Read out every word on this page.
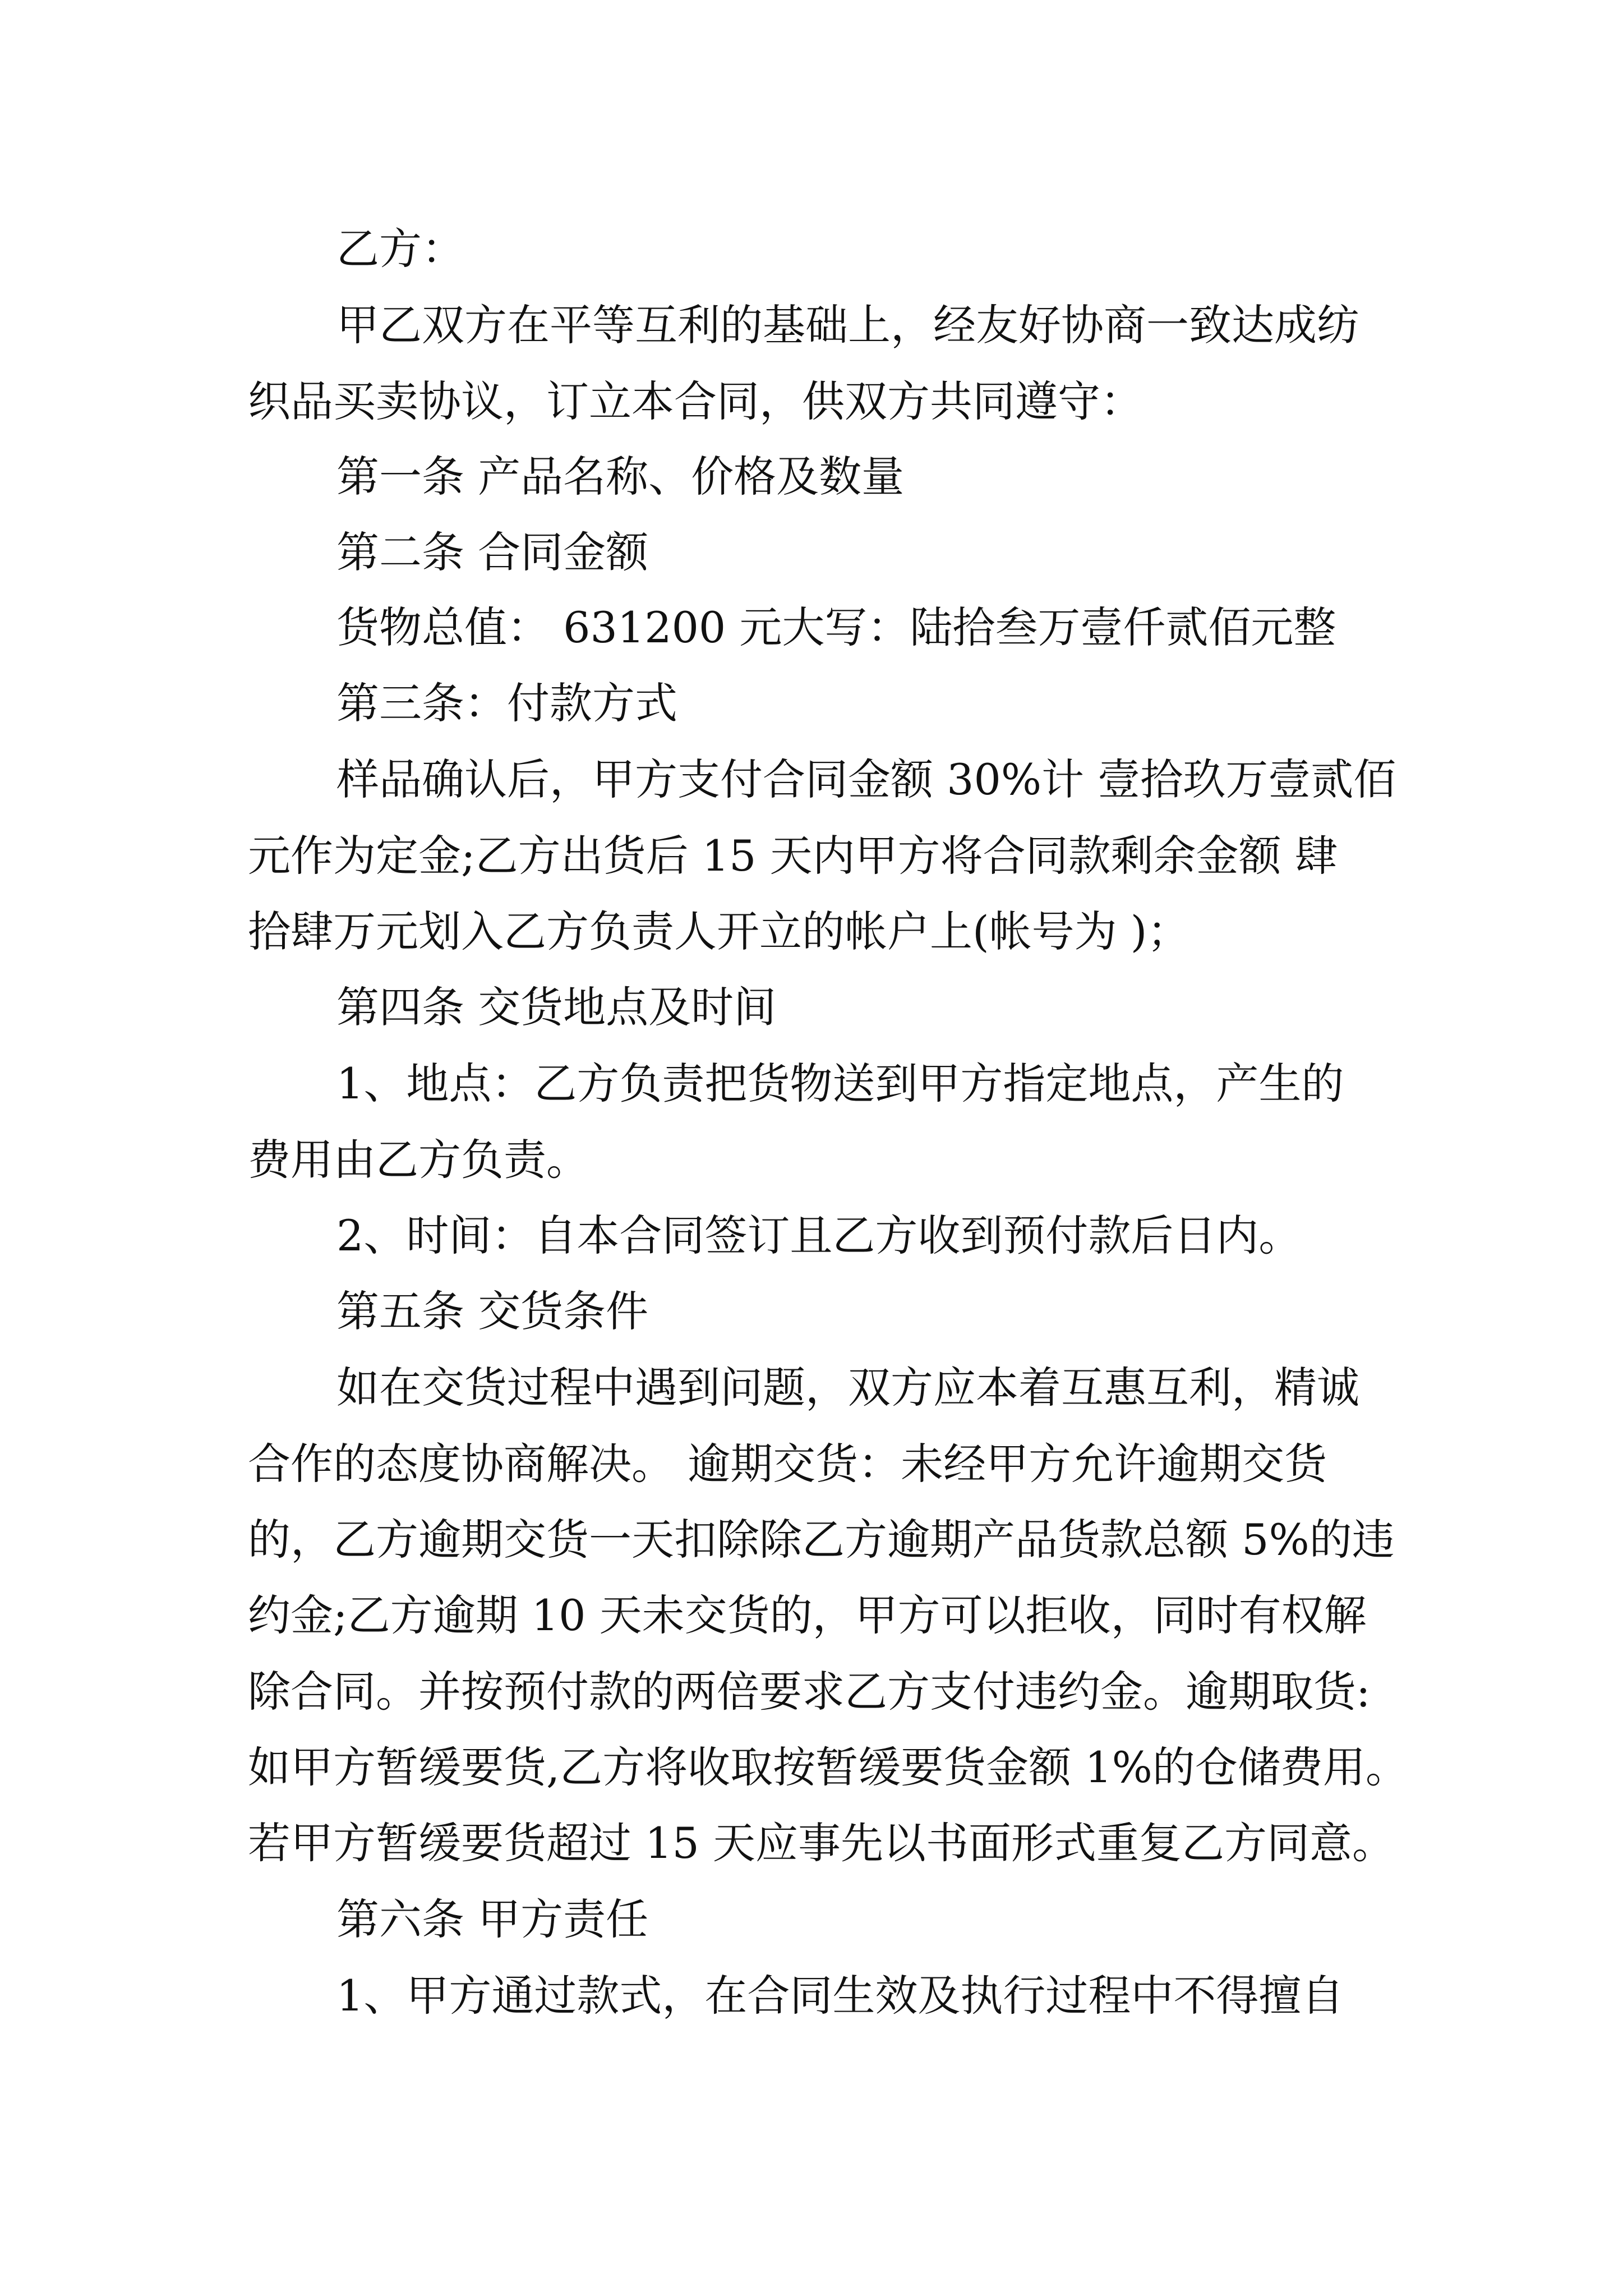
乙方：
甲乙双方在平等互利的基础上，经友好协商一致达成纺
织品买卖协议，订立本合同，供双方共同遵守：
第一条 产品名称、价格及数量
第二条 合同金额
货物总值： 631200 元大写：陆拾叁万壹仟贰佰元整
第三条：付款方式
样品确认后，甲方支付合同金额 30%计 壹拾玖万壹贰佰
元作为定金;乙方出货后 15 天内甲方将合同款剩余金额 肆
拾肆万元划入乙方负责人开立的帐户上(帐号为 )；
第四条 交货地点及时间
1、地点：乙方负责把货物送到甲方指定地点，产生的
费用由乙方负责。
2、时间：自本合同签订且乙方收到预付款后日内。
第五条 交货条件
如在交货过程中遇到问题，双方应本着互惠互利，精诚
合作的态度协商解决。 逾期交货：未经甲方允许逾期交货
的，乙方逾期交货一天扣除除乙方逾期产品货款总额 5%的违
约金;乙方逾期 10 天未交货的，甲方可以拒收，同时有权解
除合同。并按预付款的两倍要求乙方支付违约金。逾期取货:
如甲方暂缓要货,乙方将收取按暂缓要货金额 1%的仓储费用。
若甲方暂缓要货超过 15 天应事先以书面形式重复乙方同意。
第六条 甲方责任
1、甲方通过款式，在合同生效及执行过程中不得擅自
